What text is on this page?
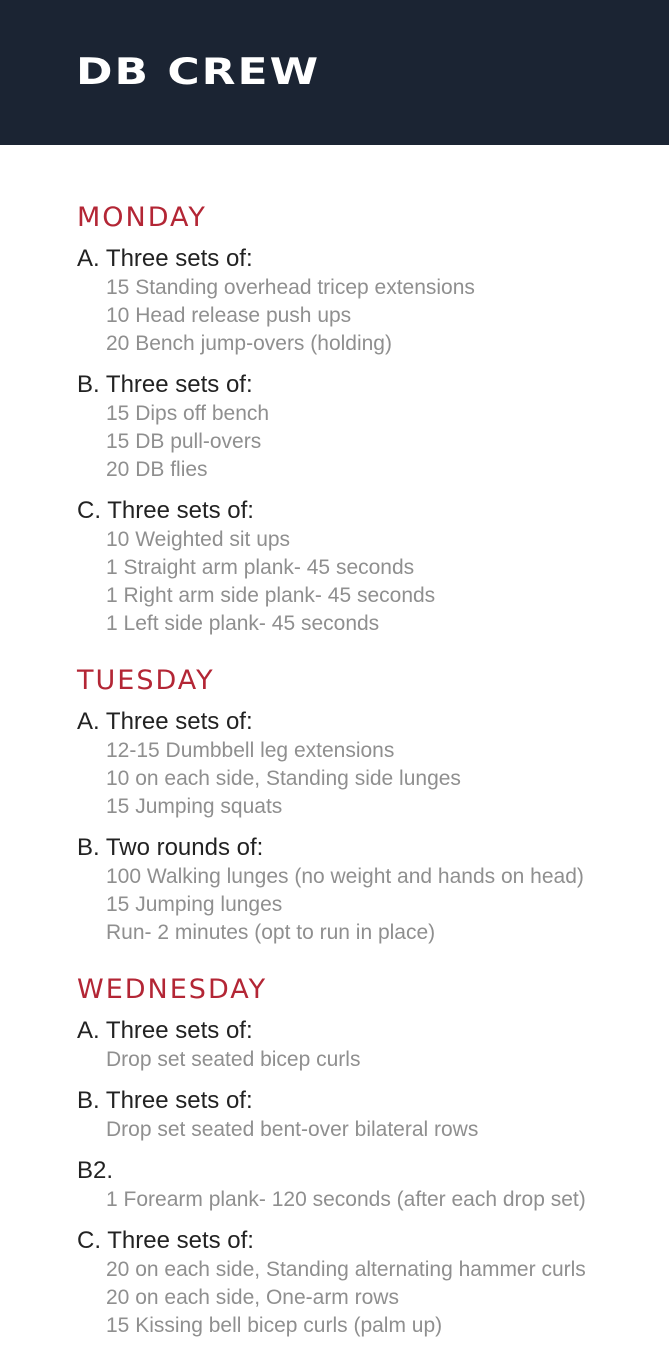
DB CREW
MONDAY
A. Three sets of:
15 Standing overhead tricep extensions
10 Head release push ups
20 Bench jump-overs (holding)
B. Three sets of:
15 Dips off bench
15 DB pull-overs
20 DB flies
C. Three sets of:
10 Weighted sit ups
1 Straight arm plank- 45 seconds
1 Right arm side plank- 45 seconds
1 Left side plank- 45 seconds
TUESDAY
A. Three sets of:
12-15 Dumbbell leg extensions
10 on each side, Standing side lunges
15 Jumping squats
B. Two rounds of:
100 Walking lunges (no weight and hands on head)
15 Jumping lunges
Run- 2 minutes (opt to run in place)
WEDNESDAY
A. Three sets of:
Drop set seated bicep curls
B. Three sets of:
Drop set seated bent-over bilateral rows
B2.
1 Forearm plank- 120 seconds (after each drop set)
C. Three sets of:
20 on each side, Standing alternating hammer curls
20 on each side, One-arm rows
15 Kissing bell bicep curls (palm up)
